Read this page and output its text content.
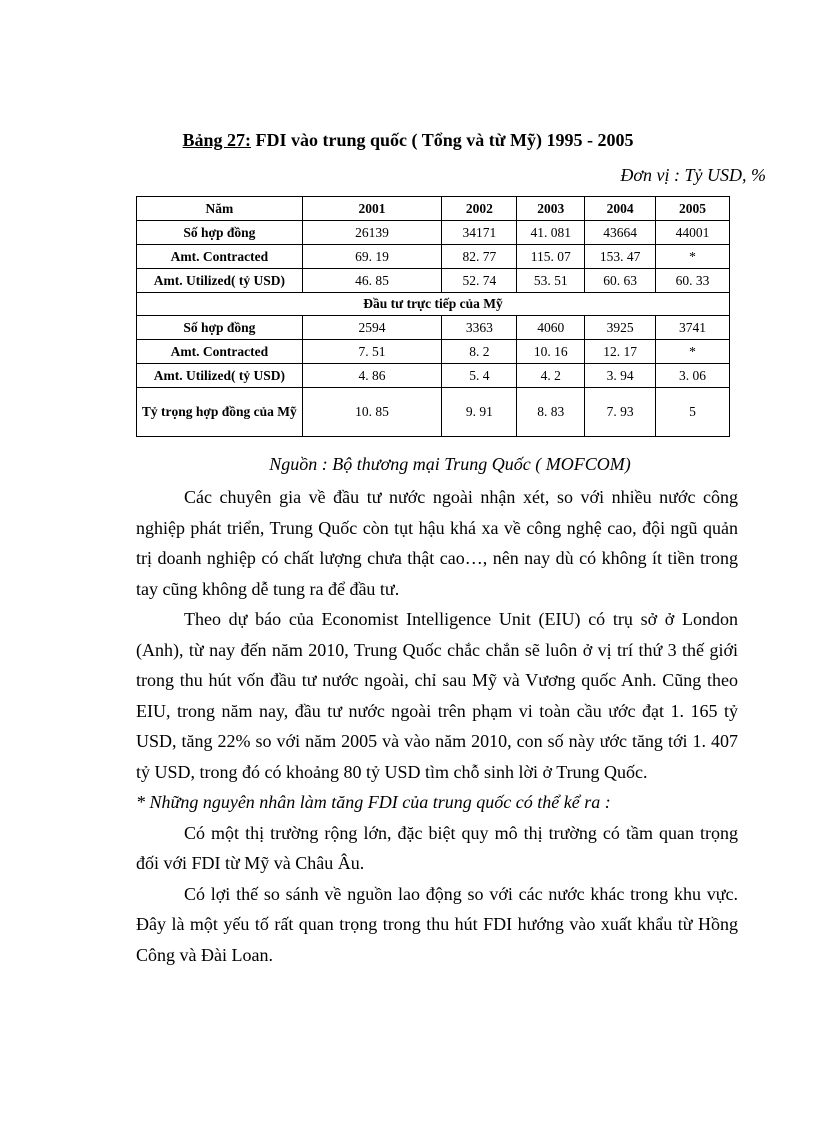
Bảng 27: FDI vào trung quốc ( Tổng và từ Mỹ) 1995 - 2005
Đơn vị : Tỷ USD, %
Năm	2001	2002	2003	2004	2005
Số hợp đồng	26139	34171	41. 081	43664	44001
Amt. Contracted	69. 19	82. 77	115. 07	153. 47	*
Amt. Utilized( tỷ USD)	46. 85	52. 74	53. 51	60. 63	60. 33
Đầu tư trực tiếp của Mỹ					
Số hợp đồng	2594	3363	4060	3925	3741
Amt. Contracted	7. 51	8. 2	10. 16	12. 17	*
Amt. Utilized( tỷ USD)	4. 86	5. 4	4. 2	3. 94	3. 06
Tỷ trọng hợp đồng của Mỹ	10. 85	9. 91	8. 83	7. 93	5
Nguồn : Bộ thương mại Trung Quốc ( MOFCOM)

Các chuyên gia về đầu tư nước ngoài nhận xét, so với nhiều nước công nghiệp phát triển, Trung Quốc còn tụt hậu khá xa về công nghệ cao, đội ngũ quản trị doanh nghiệp có chất lượng chưa thật cao…, nên nay dù có không ít tiền trong tay cũng không dễ tung ra để đầu tư.

Theo dự báo của Economist Intelligence Unit (EIU) có trụ sở ở London (Anh), từ nay đến năm 2010, Trung Quốc chắc chắn sẽ luôn ở vị trí thứ 3 thế giới trong thu hút vốn đầu tư nước ngoài, chỉ sau Mỹ và Vương quốc Anh. Cũng theo EIU, trong năm nay, đầu tư nước ngoài trên phạm vi toàn cầu ước đạt 1. 165 tỷ USD, tăng 22% so với năm 2005 và vào năm 2010, con số này ước tăng tới 1. 407 tỷ USD, trong đó có khoảng 80 tỷ USD tìm chỗ sinh lời ở Trung Quốc.

* Những nguyên nhân làm tăng FDI của trung quốc có thể kể ra :

Có một thị trường rộng lớn, đặc biệt quy mô thị trường có tầm quan trọng đối với FDI từ Mỹ và Châu Âu.

Có lợi thế so sánh về nguồn lao động so với các nước khác trong khu vực. Đây là một yếu tố rất quan trọng trong thu hút FDI hướng vào xuất khẩu từ Hồng Công và Đài Loan.
